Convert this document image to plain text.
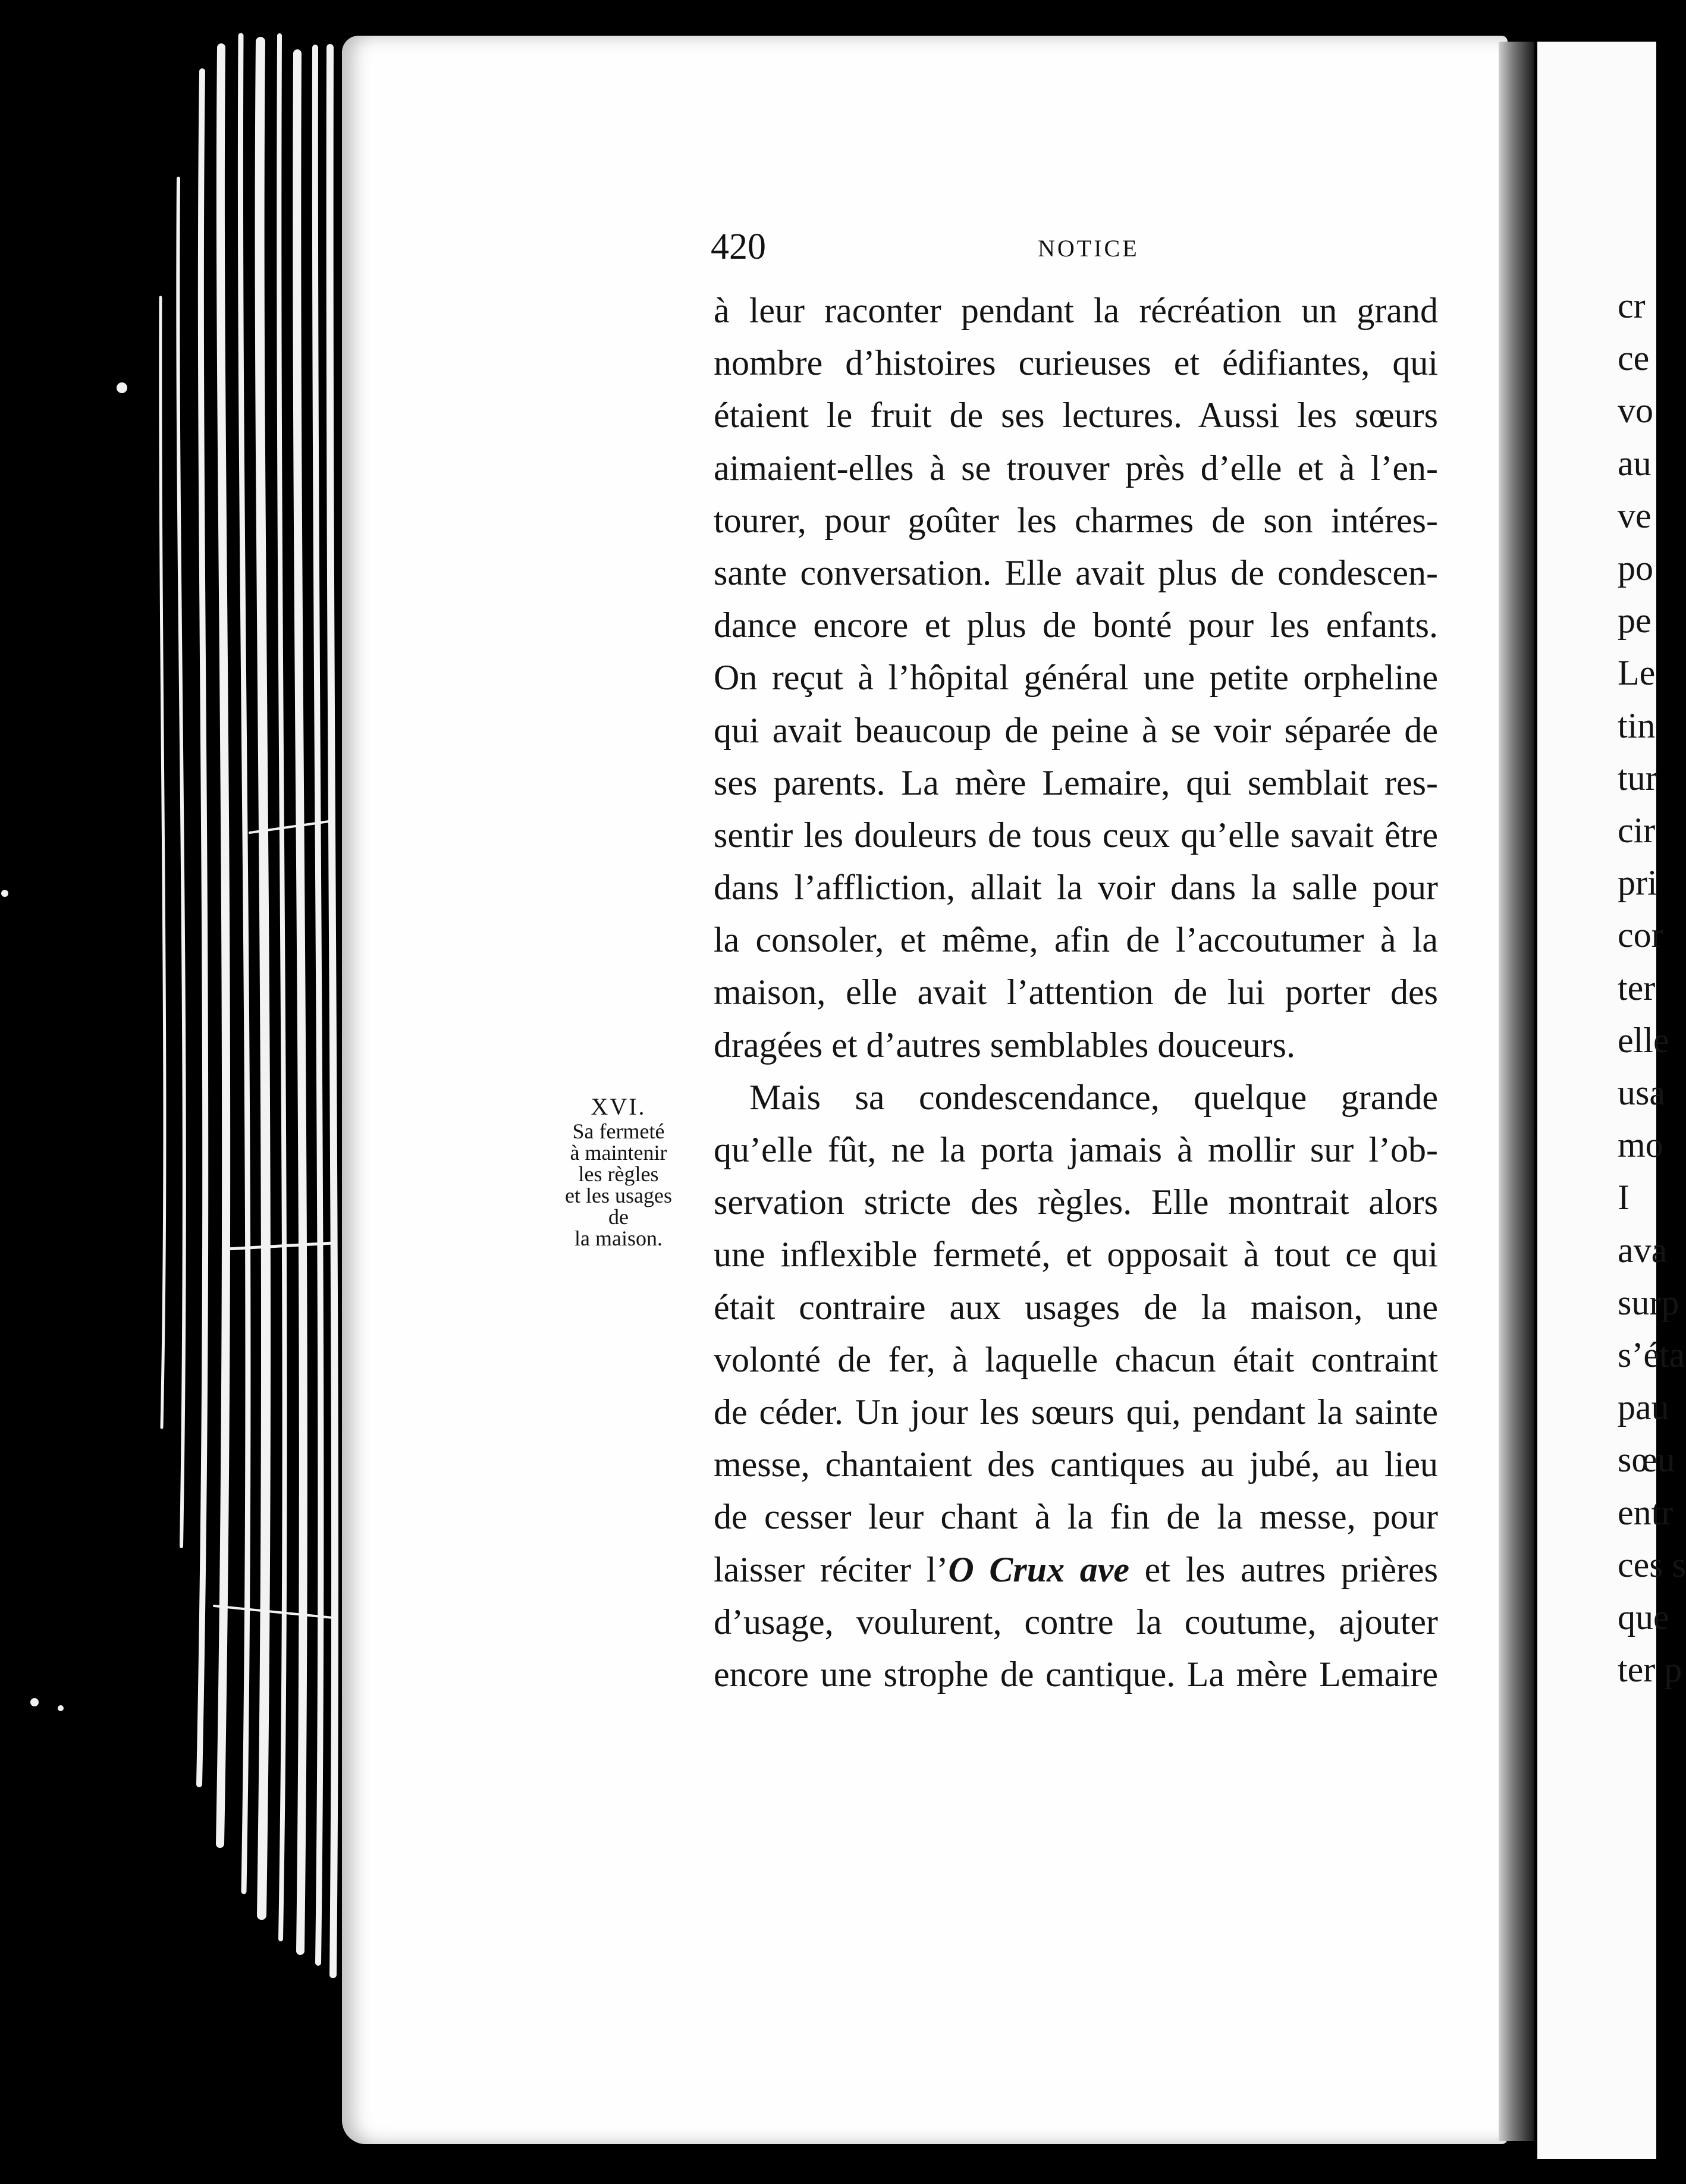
420	NOTICE
à leur raconter pendant la récréation un grand
nombre d’histoires curieuses et édifiantes, qui
étaient le fruit de ses lectures. Aussi les sœurs
aimaient-elles à se trouver près d’elle et à l’en-
tourer, pour goûter les charmes de son intéres-
sante conversation. Elle avait plus de condescen-
dance encore et plus de bonté pour les enfants.
On reçut à l’hôpital général une petite orpheline
qui avait beaucoup de peine à se voir séparée de
ses parents. La mère Lemaire, qui semblait res-
sentir les douleurs de tous ceux qu’elle savait être
dans l’affliction, allait la voir dans la salle pour
la consoler, et même, afin de l’accoutumer à la
maison, elle avait l’attention de lui porter des
dragées et d’autres semblables douceurs.
Mais sa condescendance, quelque grande
qu’elle fût, ne la porta jamais à mollir sur l’ob-
servation stricte des règles. Elle montrait alors
une inflexible fermeté, et opposait à tout ce qui
était contraire aux usages de la maison, une
volonté de fer, à laquelle chacun était contraint
de céder. Un jour les sœurs qui, pendant la sainte
messe, chantaient des cantiques au jubé, au lieu
de cesser leur chant à la fin de la messe, pour
laisser réciter l’O Crux ave et les autres prières
d’usage, voulurent, contre la coutume, ajouter
encore une strophe de cantique. La mère Lemaire
XVI.
Sa fermeté
à maintenir
les règles
et les usages
de
la maison.
cr
ce
vo
au
ve
po
pe
Le
tin
tur
cir
pri
cor
ter
elle
usa
mo
I
ava
surp
s’éta
pau
sœu
entr
ces s
que
ter p
